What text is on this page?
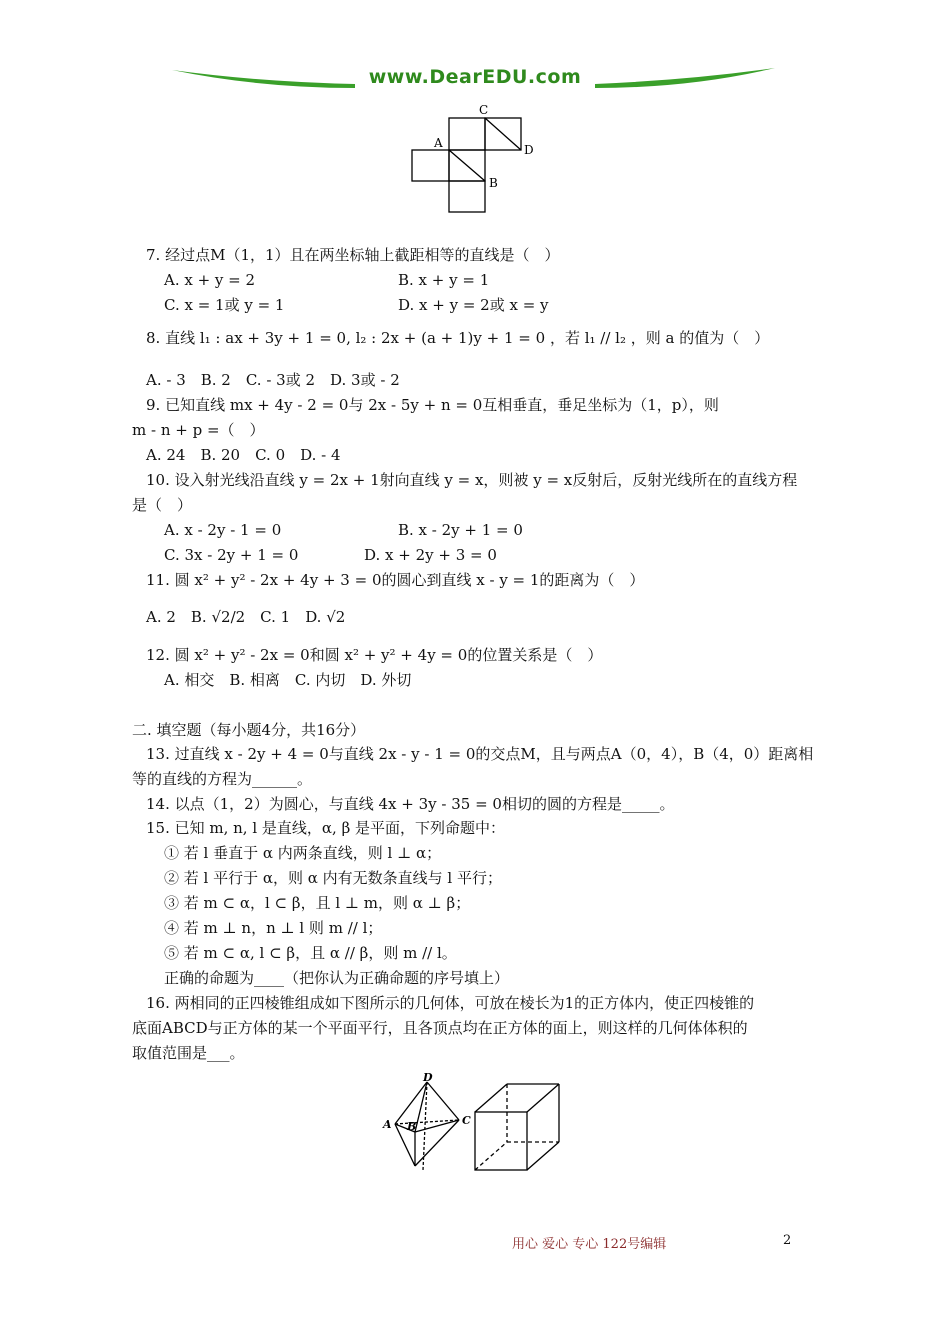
www.DearEDU.com
C
A	D
B
7. 经过点M（1，1）且在两坐标轴上截距相等的直线是（　）
A. x + y = 2	B. x + y = 1
C. x = 1或 y = 1	D. x + y = 2或 x = y
8. 直线 l₁ : ax + 3y + 1 = 0, l₂ : 2x + (a + 1)y + 1 = 0 ，若 l₁ // l₂ ，则 a 的值为（　）
A. - 3　B. 2　C. - 3或 2　D. 3或 - 2
9. 已知直线 mx + 4y - 2 = 0与 2x - 5y + n = 0互相垂直，垂足坐标为（1，p），则
m - n + p =（　）
A. 24　B. 20　C. 0　D. - 4
10. 设入射光线沿直线 y = 2x + 1射向直线 y = x，则被 y = x反射后，反射光线所在的直线方程
是（　）
A. x - 2y - 1 = 0	B. x - 2y + 1 = 0
C. 3x - 2y + 1 = 0	D. x + 2y + 3 = 0
11. 圆 x² + y² - 2x + 4y + 3 = 0的圆心到直线 x - y = 1的距离为（　）
A. 2　B. √2/2　C. 1　D. √2
12. 圆 x² + y² - 2x = 0和圆 x² + y² + 4y = 0的位置关系是（　）
A. 相交　B. 相离　C. 内切　D. 外切
二. 填空题（每小题4分，共16分）
13. 过直线 x - 2y + 4 = 0与直线 2x - y - 1 = 0的交点M，且与两点A（0，4），B（4，0）距离相
等的直线的方程为______。
14. 以点（1，2）为圆心，与直线 4x + 3y - 35 = 0相切的圆的方程是_____。
15. 已知 m, n, l 是直线，α, β 是平面，下列命题中：
① 若 l 垂直于 α 内两条直线，则 l ⊥ α；
② 若 l 平行于 α，则 α 内有无数条直线与 l 平行；
③ 若 m ⊂ α，l ⊂ β，且 l ⊥ m，则 α ⊥ β；
④ 若 m ⊥ n，n ⊥ l 则 m // l；
⑤ 若 m ⊂ α, l ⊂ β，且 α // β，则 m // l。
正确的命题为____（把你认为正确命题的序号填上）
16. 两相同的正四棱锥组成如下图所示的几何体，可放在棱长为1的正方体内，使正四棱锥的
底面ABCD与正方体的某一个平面平行，且各顶点均在正方体的面上，则这样的几何体体积的
取值范围是___。
D
A B	C
用心 爱心 专心 122号编辑	2
